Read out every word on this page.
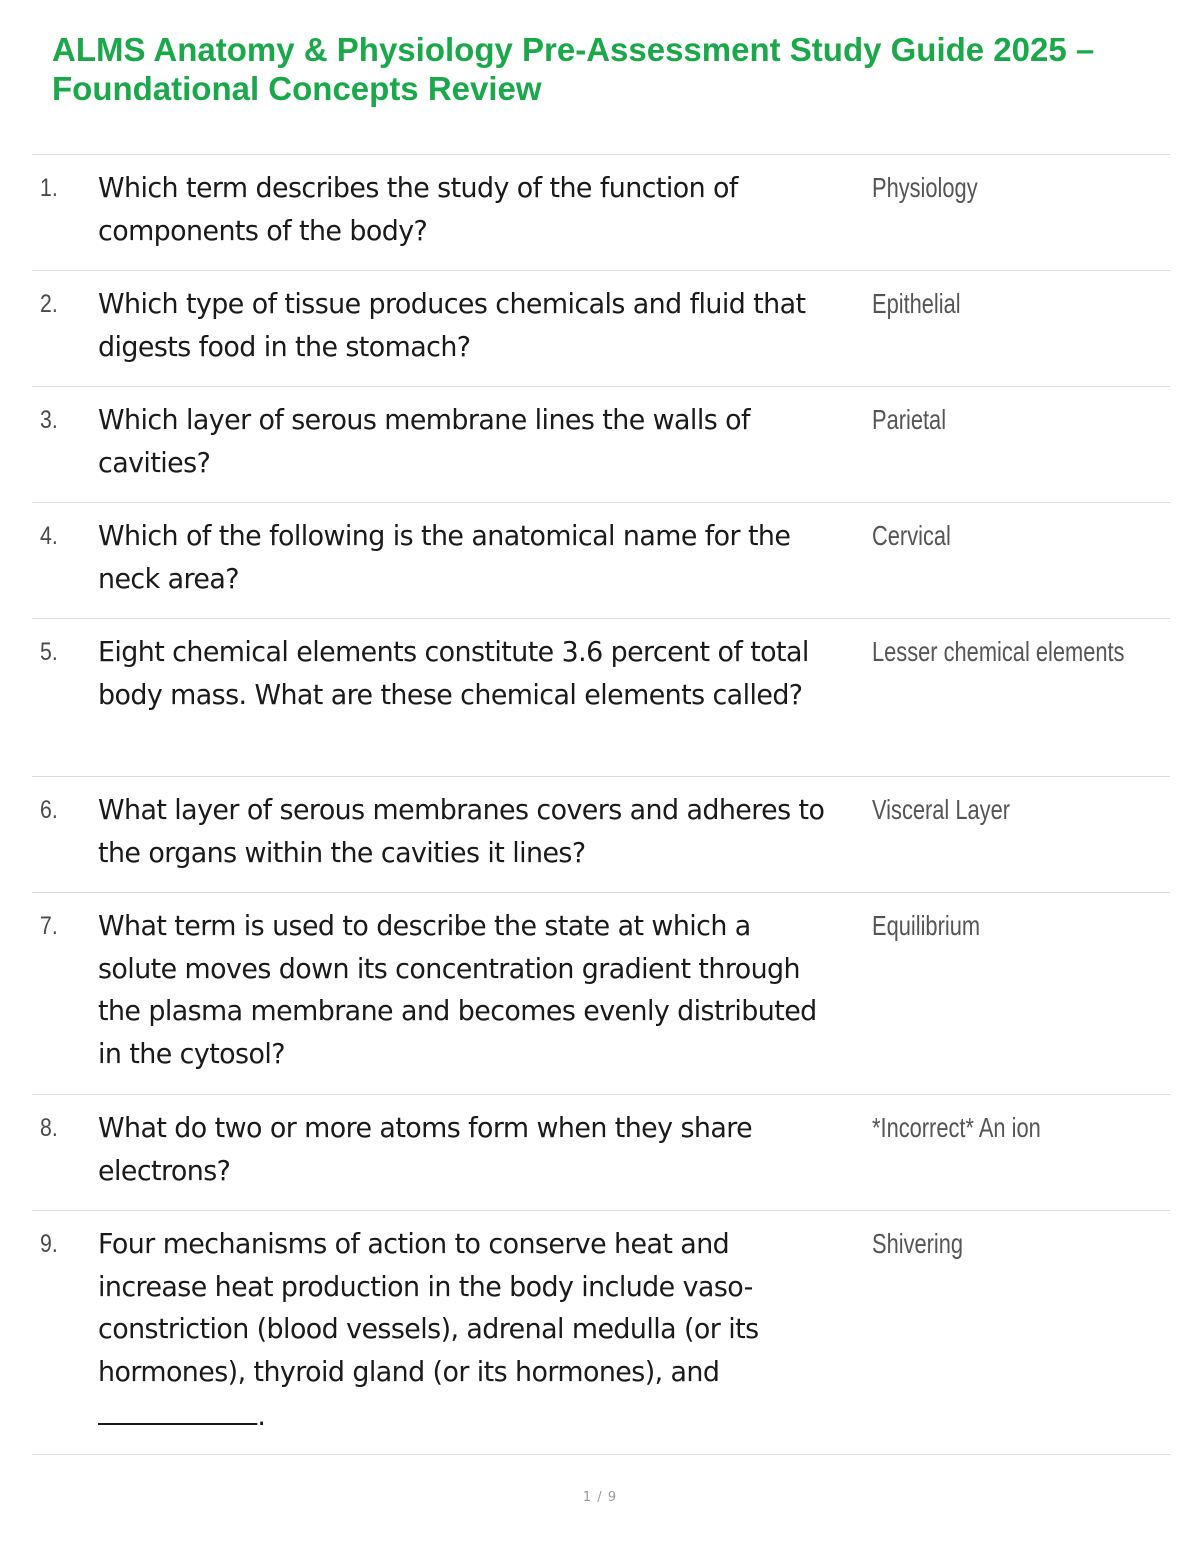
ALMS Anatomy & Physiology Pre-Assessment Study Guide 2025 – Foundational Concepts Review
1. Which term describes the study of the function of components of the body?
Physiology
2. Which type of tissue produces chemicals and fluid that digests food in the stomach?
Epithelial
3. Which layer of serous membrane lines the walls of cavities?
Parietal
4. Which of the following is the anatomical name for the neck area?
Cervical
5. Eight chemical elements constitute 3.6 percent of total body mass. What are these chemical elements called?
Lesser chemical elements
6. What layer of serous membranes covers and adheres to the organs within the cavities it lines?
Visceral Layer
7. What term is used to describe the state at which a solute moves down its concentration gradient through the plasma membrane and becomes evenly distributed in the cytosol?
Equilibrium
8. What do two or more atoms form when they share electrons?
*Incorrect* An ion
9. Four mechanisms of action to conserve heat and increase heat production in the body include vaso-constriction (blood vessels), adrenal medulla (or its hormones), thyroid gland (or its hormones), and
.
Shivering
1 / 9
